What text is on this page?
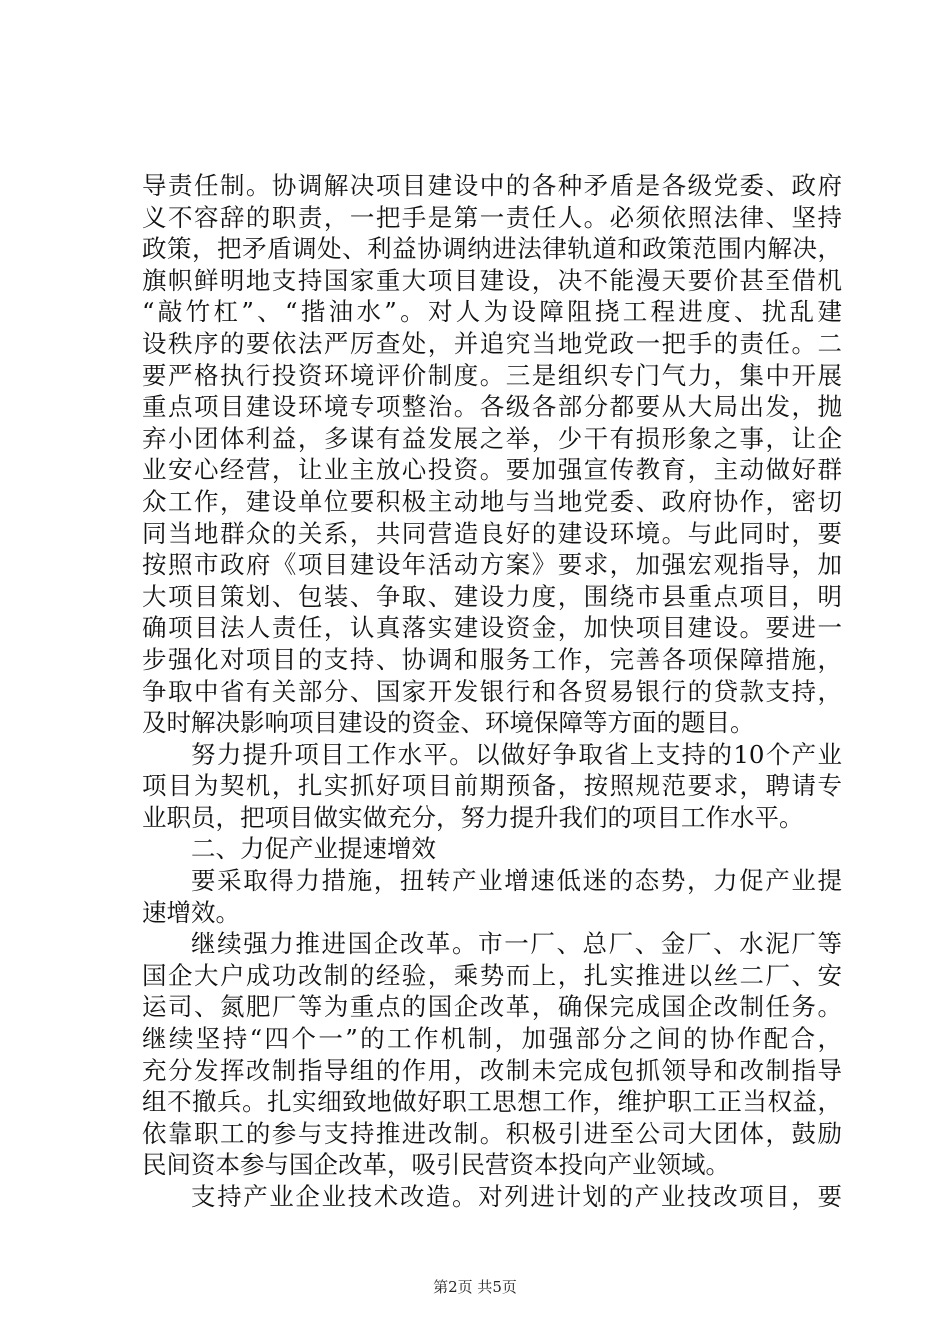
导责任制。协调解决项目建设中的各种矛盾是各级党委、政府
义不容辞的职责，一把手是第一责任人。必须依照法律、坚持
政策，把矛盾调处、利益协调纳进法律轨道和政策范围内解决，
旗帜鲜明地支持国家重大项目建设，决不能漫天要价甚至借机
“敲竹杠”、“揩油水”。对人为设障阻挠工程进度、扰乱建
设秩序的要依法严厉查处，并追究当地党政一把手的责任。二
要严格执行投资环境评价制度。三是组织专门气力，集中开展
重点项目建设环境专项整治。各级各部分都要从大局出发，抛
弃小团体利益，多谋有益发展之举，少干有损形象之事，让企
业安心经营，让业主放心投资。要加强宣传教育，主动做好群
众工作，建设单位要积极主动地与当地党委、政府协作，密切
同当地群众的关系，共同营造良好的建设环境。与此同时，要
按照市政府《项目建设年活动方案》要求，加强宏观指导，加
大项目策划、包装、争取、建设力度，围绕市县重点项目，明
确项目法人责任，认真落实建设资金，加快项目建设。要进一
步强化对项目的支持、协调和服务工作，完善各项保障措施，
争取中省有关部分、国家开发银行和各贸易银行的贷款支持，
及时解决影响项目建设的资金、环境保障等方面的题目。
努力提升项目工作水平。以做好争取省上支持的10个产业
项目为契机，扎实抓好项目前期预备，按照规范要求，聘请专
业职员，把项目做实做充分，努力提升我们的项目工作水平。
二、力促产业提速增效
要采取得力措施，扭转产业增速低迷的态势，力促产业提
速增效。
继续强力推进国企改革。市一厂、总厂、金厂、水泥厂等
国企大户成功改制的经验，乘势而上，扎实推进以丝二厂、安
运司、氮肥厂等为重点的国企改革，确保完成国企改制任务。
继续坚持“四个一”的工作机制，加强部分之间的协作配合，
充分发挥改制指导组的作用，改制未完成包抓领导和改制指导
组不撤兵。扎实细致地做好职工思想工作，维护职工正当权益，
依靠职工的参与支持推进改制。积极引进至公司大团体，鼓励
民间资本参与国企改革，吸引民营资本投向产业领域。
支持产业企业技术改造。对列进计划的产业技改项目，要
第2页 共5页
